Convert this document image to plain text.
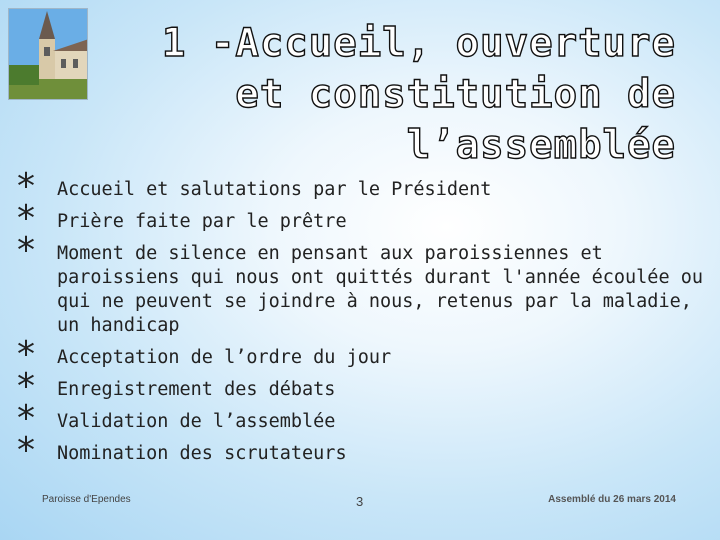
1 -Accueil, ouverture et constitution de l’assemblée
* Accueil et salutations par le Président
* Prière faite par le prêtre
* Moment de silence en pensant aux paroissiennes et paroissiens qui nous ont quittés durant l'année écoulée ou qui ne peuvent se joindre à nous, retenus par la maladie, un handicap
* Acceptation de l’ordre du jour
* Enregistrement des débats
* Validation de l’assemblée
* Nomination des scrutateurs
Paroisse d'Ependes	3	Assemblé du 26 mars 2014
